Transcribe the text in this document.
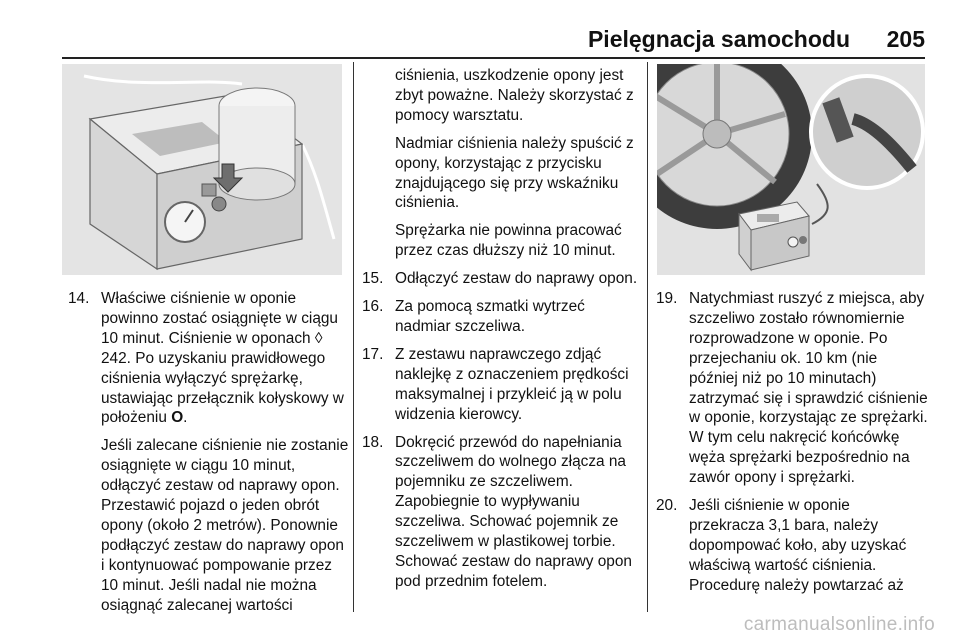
Pielęgnacja samochodu 205
14. Właściwe ciśnienie w oponie powinno zostać osiągnięte w ciągu 10 minut. Ciśnienie w oponach ◊ 242. Po uzyskaniu prawidłowego ciśnienia wyłączyć sprężarkę, ustawiając przełącznik kołyskowy w położeniu O.

Jeśli zalecane ciśnienie nie zostanie osiągnięte w ciągu 10 minut, odłączyć zestaw od naprawy opon. Przestawić pojazd o jeden obrót opony (około 2 metrów). Ponownie podłączyć zestaw do naprawy opon i kontynuować pompowanie przez 10 minut. Jeśli nadal nie można osiągnąć zalecanej wartości

ciśnienia, uszkodzenie opony jest zbyt poważne. Należy skorzystać z pomocy warsztatu.

Nadmiar ciśnienia należy spuścić z opony, korzystając z przycisku znajdującego się przy wskaźniku ciśnienia.

Sprężarka nie powinna pracować przez czas dłuższy niż 10 minut.

15. Odłączyć zestaw do naprawy opon.
16. Za pomocą szmatki wytrzeć nadmiar szczeliwa.
17. Z zestawu naprawczego zdjąć naklejkę z oznaczeniem prędkości maksymalnej i przykleić ją w polu widzenia kierowcy.
18. Dokręcić przewód do napełniania szczeliwem do wolnego złącza na pojemniku ze szczeliwem. Zapobiegnie to wypływaniu szczeliwa. Schować pojemnik ze szczeliwem w plastikowej torbie. Schować zestaw do naprawy opon pod przednim fotelem.
19. Natychmiast ruszyć z miejsca, aby szczeliwo zostało równomiernie rozprowadzone w oponie. Po przejechaniu ok. 10 km (nie później niż po 10 minutach) zatrzymać się i sprawdzić ciśnienie w oponie, korzystając ze sprężarki. W tym celu nakręcić końcówkę węża sprężarki bezpośrednio na zawór opony i sprężarki.
20. Jeśli ciśnienie w oponie przekracza 3,1 bara, należy dopompować koło, aby uzyskać właściwą wartość ciśnienia. Procedurę należy powtarzać aż
carmanualsonline.info
